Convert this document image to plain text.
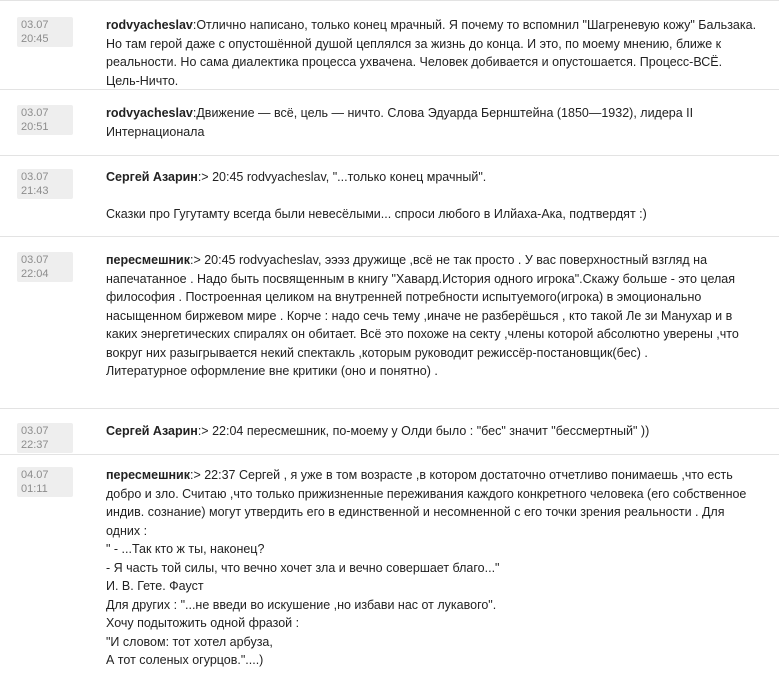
03.07 20:45
rodvyacheslav:Отлично написано, только конец мрачный. Я почему то вспомнил "Шагреневую кожу" Бальзака. Но там герой даже с опустошённой душой цеплялся за жизнь до конца. И это, по моему мнению, ближе к реальности. Но сама диалектика процесса ухвачена. Человек добивается и опустошается. Процесс-ВСЁ. Цель-Ничто.
03.07 20:51
rodvyacheslav:Движение — всё, цель — ничто. Слова Эдуарда Бернштейна (1850—1932), лидера II Интернационала
03.07 21:43
Сергей Азарин:> 20:45 rodvyacheslav, "...только конец мрачный".

Сказки про Гугутамту всегда были невесёлыми... спроси любого в Илйаха-Ака, подтвердят :)
03.07 22:04
пересмешник:> 20:45 rodvyacheslav, эээз дружище ,всё не так просто . У вас поверхностный взгляд на напечатанное . Надо быть посвященным в книгу "Хавард.История одного игрока".Скажу больше - это целая философия . Построенная целиком на внутренней потребности испытуемого(игрока) в эмоционально насыщенном биржевом мире . Корче : надо сечь тему ,иначе не разберёшься , кто такой Ле зи Манухар и в каких энергетических спиралях он обитает. Всё это похоже на секту ,члены которой абсолютно уверены ,что вокруг них разыгрывается некий спектакль ,которым руководит режиссёр-постановщик(бес) .
Литературное оформление вне критики (оно и понятно) .
03.07 22:37
Сергей Азарин:> 22:04 пересмешник, по-моему у Олди было : "бес" значит "бессмертный" ))
04.07 01:11
пересмешник:> 22:37 Сергей , я уже в том возрасте ,в котором достаточно отчетливо понимаешь ,что есть добро и зло. Считаю ,что только прижизненные переживания каждого конкретного человека (его собственное индив. сознание) могут утвердить его в единственной и несомненной с его точки зрения реальности . Для одних :
" - ...Так кто ж ты, наконец?
- Я часть той силы, что вечно хочет зла и вечно совершает благо..."
И. В. Гете. Фауст
Для других : "...не введи во искушение ,но избави нас от лукавого".
Хочу подытожить одной фразой :
"И словом: тот хотел арбуза,
А тот соленых огурцов."....)
